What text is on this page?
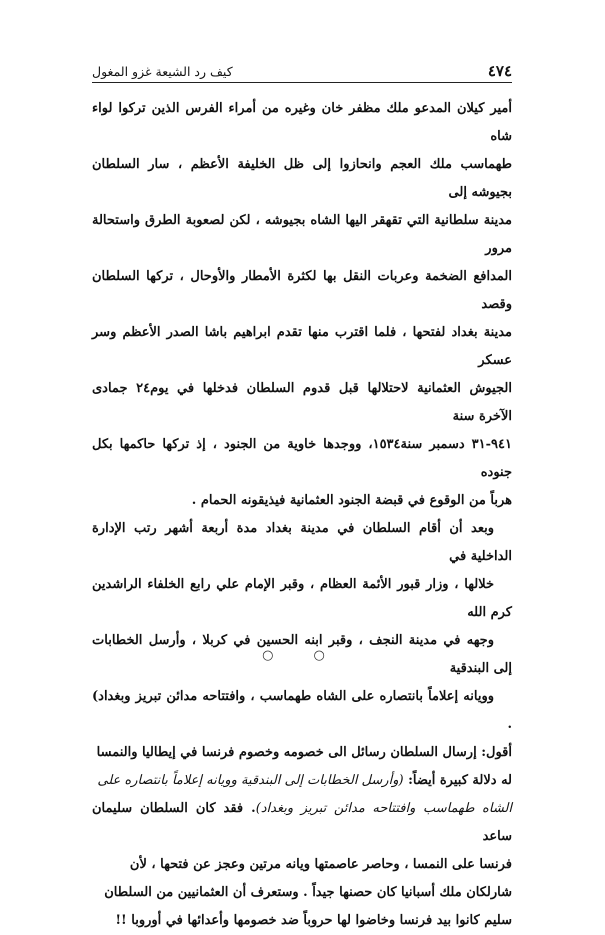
٤٧٤
كيف رد الشيعة غزو المغول

أمير كيلان المدعو ملك مظفر خان وغيره من أمراء الفرس الذين تركوا لواء شاه
طهماسب ملك العجم وانحازوا إلى ظل الخليفة الأعظم ، سار السلطان بجيوشه إلى
مدينة سلطانية التي تقهقر اليها الشاه بجيوشه ، لكن لصعوبة الطرق واستحالة مرور
المدافع الضخمة وعربات النقل بها لكثرة الأمطار والأوحال ، تركها السلطان وقصد
مدينة بغداد لفتحها ، فلما اقترب منها تقدم ابراهيم باشا الصدر الأعظم وسر عسكر
الجيوش العثمانية لاحتلالها قبل قدوم السلطان فدخلها في يوم٢٤ جمادى الآخرة سنة
٩٤١-٣١ دسمبر سنة١٥٣٤، ووجدها خاوية من الجنود ، إذ تركها حاكمها بكل جنوده
هرباً من الوقوع في قبضة الجنود العثمانية فيذيقونه الحمام .

وبعد أن أقام السلطان في مدينة بغداد مدة أربعة أشهر رتب الإدارة الداخلية في
خلالها ، وزار قبور الأئمة العظام ، وقبر الإمام علي رابع الخلفاء الراشدين كرم الله
وجهه في مدينة النجف ، وقبر ابنه الحسين في كربلا ، وأرسل الخطابات إلى البندقية
وويانه إعلاماً بانتصاره على الشاه طهماسب ، وافتتاحه مدائن تبريز وبغداد) .

أقول: إرسال السلطان رسائل الى خصومه وخصوم فرنسا في إيطاليا والنمسا
له دلالة كبيرة أيضاً: (وأرسل الخطابات إلى البندقية وويانه إعلاماً بانتصاره على
الشاه طهماسب وافتتاحه مدائن تبريز وبغداد). فقد كان السلطان سليمان ساعد
فرنسا على النمسا ، وحاصر عاصمتها ويانه مرتين وعجز عن فتحها ، لأن
شارلكان ملك أسبانيا كان حصنها جيداً . وستعرف أن العثمانيين من السلطان
سليم كانوا بيد فرنسا وخاضوا لها حروباً ضد خصومها وأعدائها في أوروبا !!

○ ○
